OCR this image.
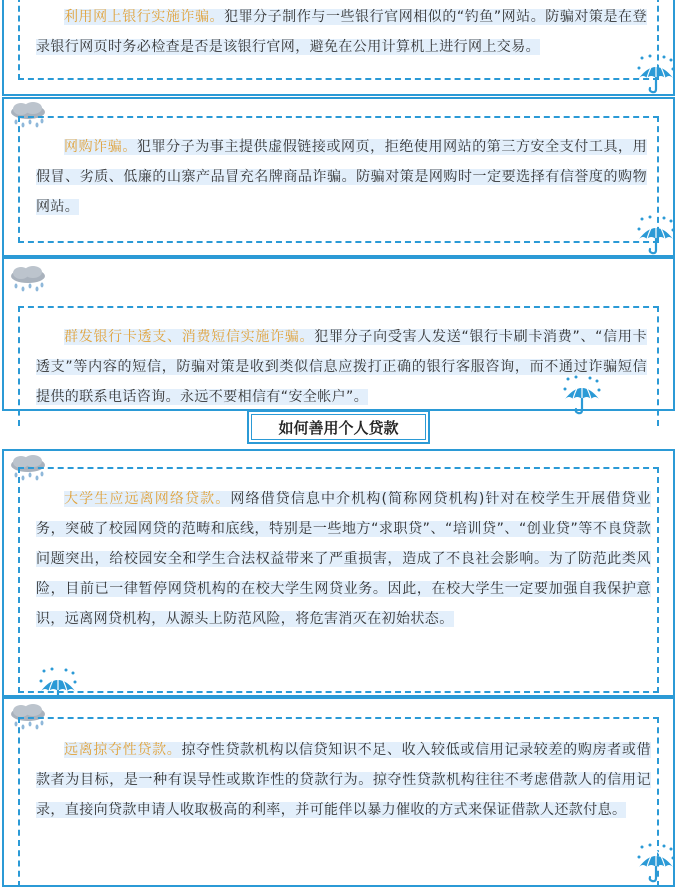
利用网上银行实施诈骗。犯罪分子制作与一些银行官网相似的“钓鱼”网站。防骗对策是在登录银行网页时务必检查是否是该银行官网，避免在公用计算机上进行网上交易。

网购诈骗。犯罪分子为事主提供虚假链接或网页，拒绝使用网站的第三方安全支付工具，用假冒、劣质、低廉的山寨产品冒充名牌商品诈骗。防骗对策是网购时一定要选择有信誉度的购物网站。

群发银行卡透支、消费短信实施诈骗。犯罪分子向受害人发送“银行卡刷卡消费”、“信用卡透支”等内容的短信，防骗对策是收到类似信息应拨打正确的银行客服咨询，而不通过诈骗短信提供的联系电话咨询。永远不要相信有“安全帐户”。

如何善用个人贷款

大学生应远离网络贷款。网络借贷信息中介机构(简称网贷机构)针对在校学生开展借贷业务，突破了校园网贷的范畴和底线，特别是一些地方“求职贷”、“培训贷”、“创业贷”等不良贷款问题突出，给校园安全和学生合法权益带来了严重损害，造成了不良社会影响。为了防范此类风险，目前已一律暂停网贷机构的在校大学生网贷业务。因此，在校大学生一定要加强自我保护意识，远离网贷机构，从源头上防范风险，将危害消灭在初始状态。

远离掠夺性贷款。掠夺性贷款机构以信贷知识不足、收入较低或信用记录较差的购房者或借款者为目标，是一种有误导性或欺诈性的贷款行为。掠夺性贷款机构往往不考虑借款人的信用记录，直接向贷款申请人收取极高的利率，并可能伴以暴力催收的方式来保证借款人还款付息。
